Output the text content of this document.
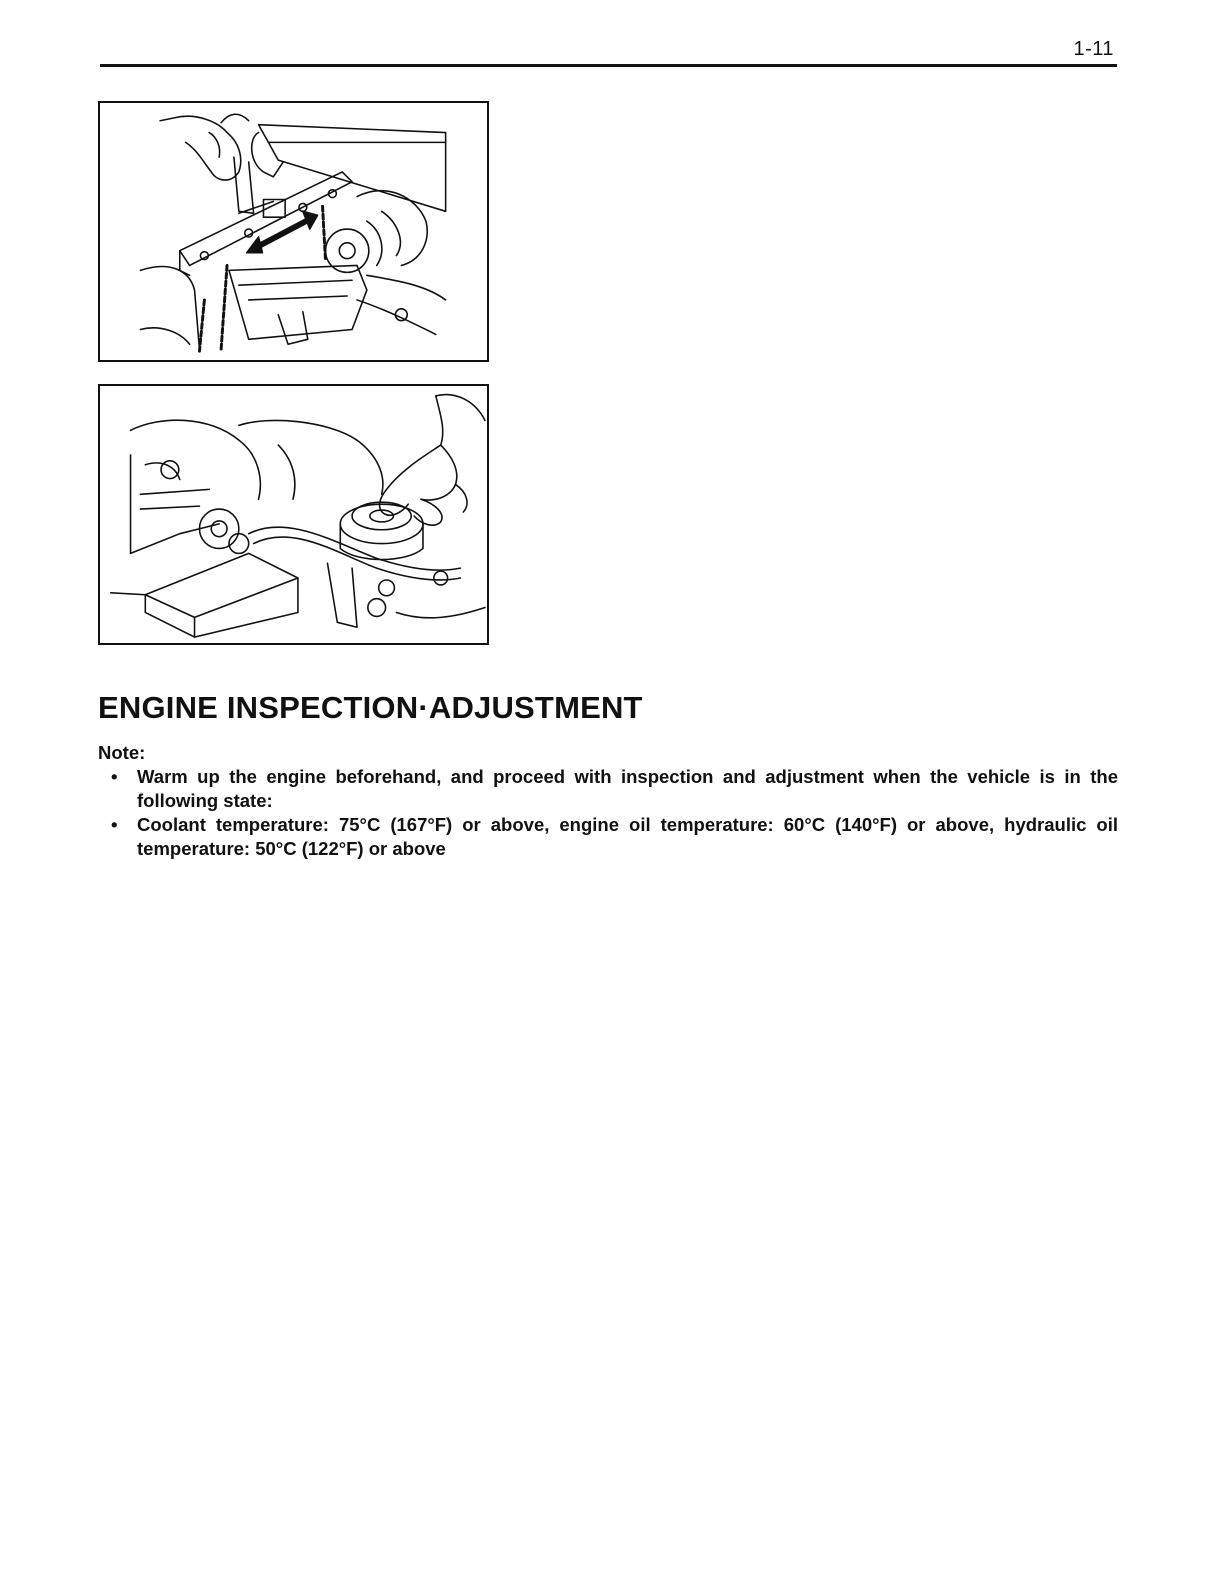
1-11
ENGINE INSPECTION·ADJUSTMENT
Note:
• Warm up the engine beforehand, and proceed with inspection and adjustment when the vehicle is in the following state:
• Coolant temperature: 75°C (167°F) or above, engine oil temperature: 60°C (140°F) or above, hydraulic oil temperature: 50°C (122°F) or above
